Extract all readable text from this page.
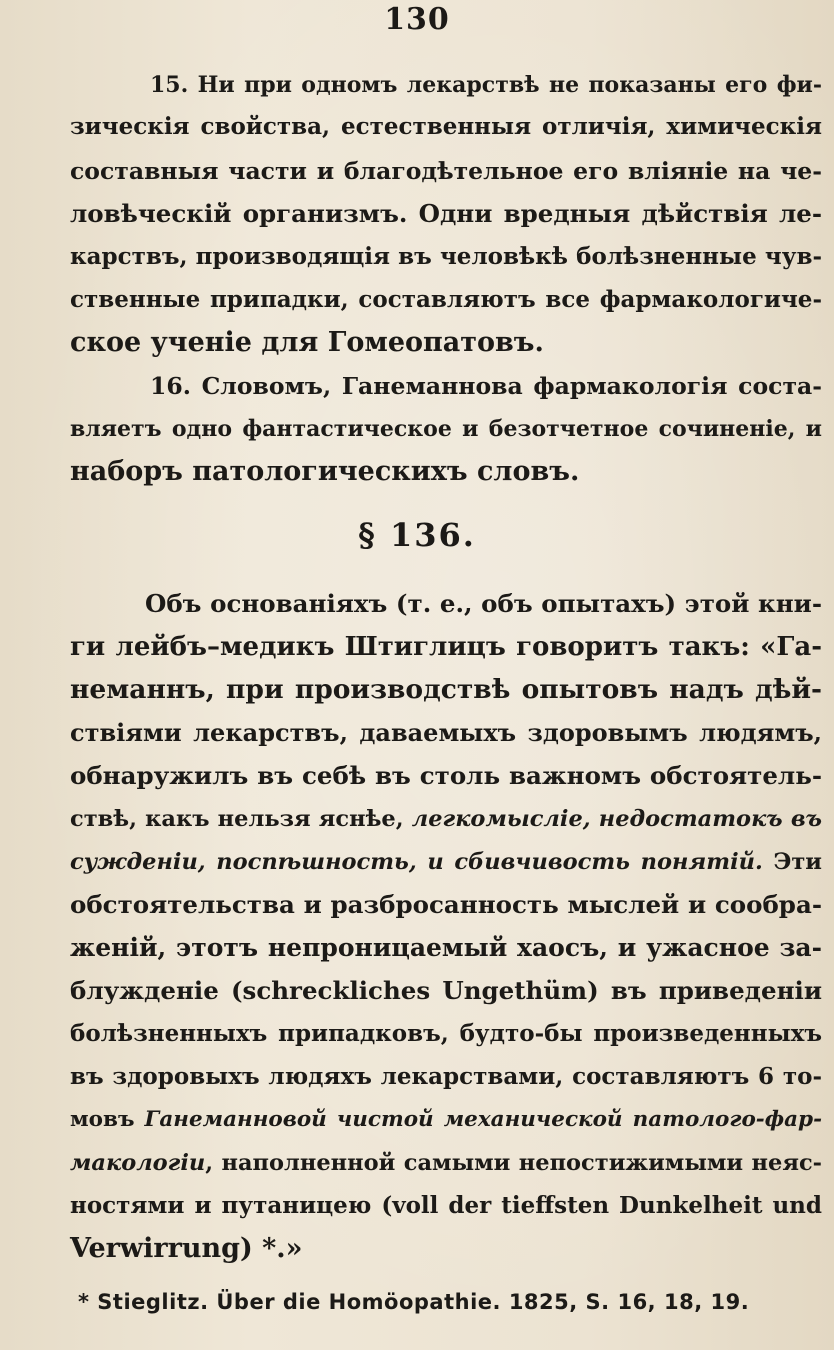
130
15. Ни при одномъ лекарствѣ не показаны его фи-
зическія свойства, естественныя отличія, химическія
составныя части и благодѣтельное его вліяніе на че-
ловѣческій организмъ. Одни вредныя дѣйствія ле-
карствъ, производящія въ человѣкѣ болѣзненные чув-
ственные припадки, составляютъ все фармакологиче-
ское ученіе для Гомеопатовъ.
16. Словомъ, Ганеманнова фармакологія соста-
вляетъ одно фантастическое и безотчетное сочиненіе, и
наборъ патологическихъ словъ.
§ 136.
Объ основаніяхъ (т. е., объ опытахъ) этой кни-
ги лейбъ–медикъ Штиглицъ говоритъ такъ: «Га-
неманнъ, при производствѣ опытовъ надъ дѣй-
ствіями лекарствъ, даваемыхъ здоровымъ людямъ,
обнаружилъ въ себѣ въ столь важномъ обстоятель-
ствѣ, какъ нельзя яснѣе, легкомысліе, недостатокъ въ
сужденіи, поспѣшность, и сбивчивость понятій. Эти
обстоятельства и разбросанность мыслей и сообра-
женій, этотъ непроницаемый хаосъ, и ужасное за-
блужденіе (schreckliches Ungethüm) въ приведеніи
болѣзненныхъ припадковъ, будто-бы произведенныхъ
въ здоровыхъ людяхъ лекарствами, составляютъ 6 то-
мовъ Ганеманновой чистой механической патолого-фар-
макологіи, наполненной самыми непостижимыми неяс-
ностями и путаницею (voll der tieffsten Dunkelheit und
Verwirrung) *.»
* Stieglitz. Über die Homöopathie. 1825, S. 16, 18, 19.
